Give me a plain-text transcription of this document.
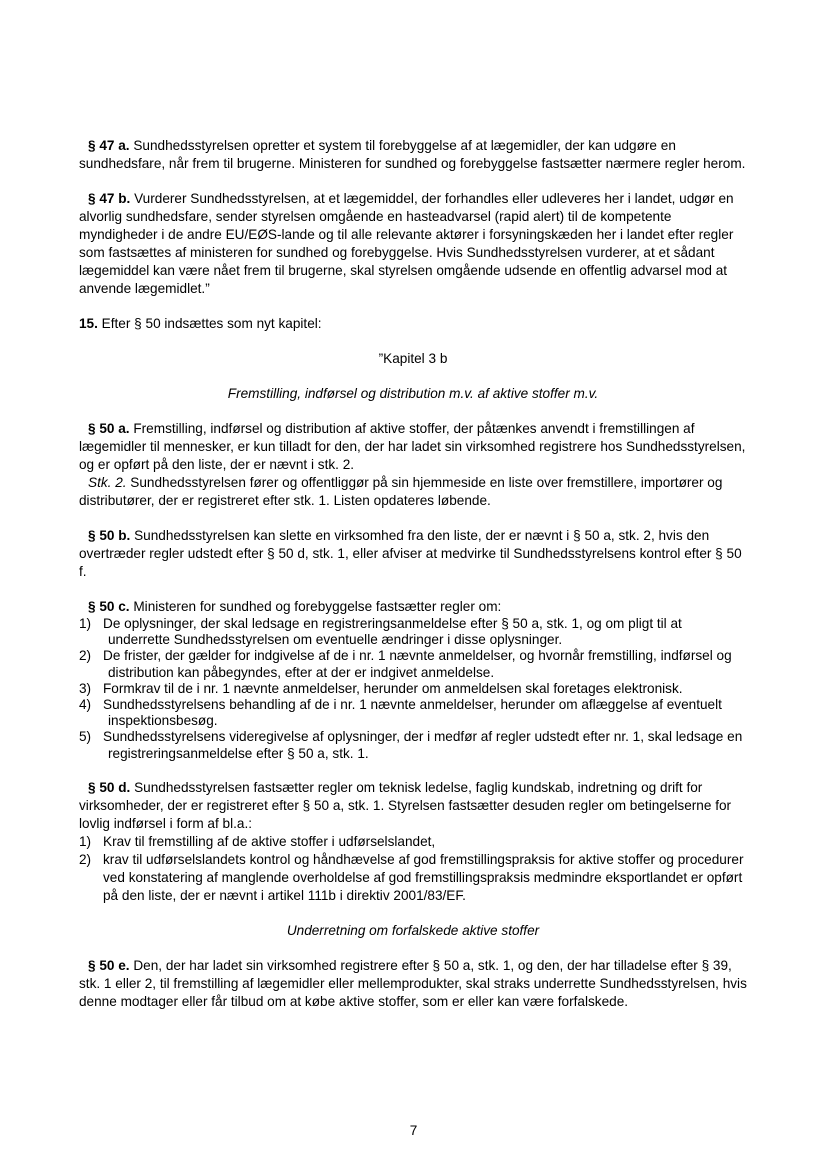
§ 47 a. Sundhedsstyrelsen opretter et system til forebyggelse af at lægemidler, der kan udgøre en sundhedsfare, når frem til brugerne. Ministeren for sundhed og forebyggelse fastsætter nærmere regler herom.

§ 47 b. Vurderer Sundhedsstyrelsen, at et lægemiddel, der forhandles eller udleveres her i landet, udgør en alvorlig sundhedsfare, sender styrelsen omgående en hasteadvarsel (rapid alert) til de kompetente myndigheder i de andre EU/EØS-lande og til alle relevante aktører i forsyningskæden her i landet efter regler som fastsættes af ministeren for sundhed og forebyggelse. Hvis Sundhedsstyrelsen vurderer, at et sådant lægemiddel kan være nået frem til brugerne, skal styrelsen omgående udsende en offentlig advarsel mod at anvende lægemidlet.”

15. Efter § 50 indsættes som nyt kapitel:

”Kapitel 3 b

Fremstilling, indførsel og distribution m.v. af aktive stoffer m.v.

§ 50 a. Fremstilling, indførsel og distribution af aktive stoffer, der påtænkes anvendt i fremstillingen af lægemidler til mennesker, er kun tilladt for den, der har ladet sin virksomhed registrere hos Sundhedsstyrelsen, og er opført på den liste, der er nævnt i stk. 2.

Stk. 2. Sundhedsstyrelsen fører og offentliggør på sin hjemmeside en liste over fremstillere, importører og distributører, der er registreret efter stk. 1. Listen opdateres løbende.

§ 50 b. Sundhedsstyrelsen kan slette en virksomhed fra den liste, der er nævnt i § 50 a, stk. 2, hvis den overtræder regler udstedt efter § 50 d, stk. 1, eller afviser at medvirke til Sundhedsstyrelsens kontrol efter § 50 f.

§ 50 c. Ministeren for sundhed og forebyggelse fastsætter regler om:

1) De oplysninger, der skal ledsage en registreringsanmeldelse efter § 50 a, stk. 1, og om pligt til at underrette Sundhedsstyrelsen om eventuelle ændringer i disse oplysninger.
2) De frister, der gælder for indgivelse af de i nr. 1 nævnte anmeldelser, og hvornår fremstilling, indførsel og distribution kan påbegyndes, efter at der er indgivet anmeldelse.
3) Formkrav til de i nr. 1 nævnte anmeldelser, herunder om anmeldelsen skal foretages elektronisk.
4) Sundhedsstyrelsens behandling af de i nr. 1 nævnte anmeldelser, herunder om aflæggelse af eventuelt inspektionsbesøg.
5) Sundhedsstyrelsens videregivelse af oplysninger, der i medfør af regler udstedt efter nr. 1, skal ledsage en registreringsanmeldelse efter § 50 a, stk. 1.

§ 50 d. Sundhedsstyrelsen fastsætter regler om teknisk ledelse, faglig kundskab, indretning og drift for virksomheder, der er registreret efter § 50 a, stk. 1. Styrelsen fastsætter desuden regler om betingelserne for lovlig indførsel i form af bl.a.:

1) Krav til fremstilling af de aktive stoffer i udførselslandet,
2) krav til udførselslandets kontrol og håndhævelse af god fremstillingspraksis for aktive stoffer og procedurer ved konstatering af manglende overholdelse af god fremstillingspraksis medmindre eksportlandet er opført på den liste, der er nævnt i artikel 111b i direktiv 2001/83/EF.

Underretning om forfalskede aktive stoffer

§ 50 e. Den, der har ladet sin virksomhed registrere efter § 50 a, stk. 1, og den, der har tilladelse efter § 39, stk. 1 eller 2, til fremstilling af lægemidler eller mellemprodukter, skal straks underrette Sundhedsstyrelsen, hvis denne modtager eller får tilbud om at købe aktive stoffer, som er eller kan være forfalskede.

7
